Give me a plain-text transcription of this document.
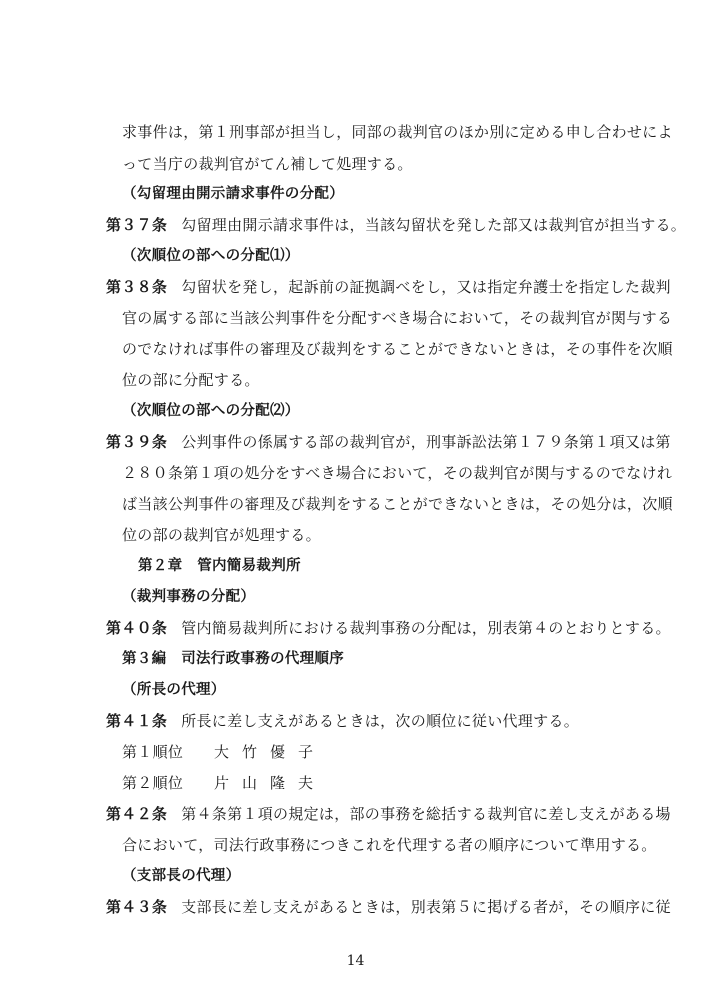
求事件は，第１刑事部が担当し，同部の裁判官のほか別に定める申し合わせによ
って当庁の裁判官がてん補して処理する。
（勾留理由開示請求事件の分配）
第３７条 勾留理由開示請求事件は，当該勾留状を発した部又は裁判官が担当する。
（次順位の部への分配⑴）
第３８条 勾留状を発し，起訴前の証拠調べをし，又は指定弁護士を指定した裁判
官の属する部に当該公判事件を分配すべき場合において，その裁判官が関与する
のでなければ事件の審理及び裁判をすることができないときは，その事件を次順
位の部に分配する。
（次順位の部への分配⑵）
第３９条 公判事件の係属する部の裁判官が，刑事訴訟法第１７９条第１項又は第
２８０条第１項の処分をすべき場合において，その裁判官が関与するのでなけれ
ば当該公判事件の審理及び裁判をすることができないときは，その処分は，次順
位の部の裁判官が処理する。
第２章　管内簡易裁判所
（裁判事務の分配）
第４０条 管内簡易裁判所における裁判事務の分配は，別表第４のとおりとする。
第３編　司法行政事務の代理順序
（所長の代理）
第４１条 所長に差し支えがあるときは，次の順位に従い代理する。
第１順位 大竹優子
第２順位 片山隆夫
第４２条 第４条第１項の規定は，部の事務を総括する裁判官に差し支えがある場
合において，司法行政事務につきこれを代理する者の順序について準用する。
（支部長の代理）
第４３条 支部長に差し支えがあるときは，別表第５に掲げる者が，その順序に従
14
